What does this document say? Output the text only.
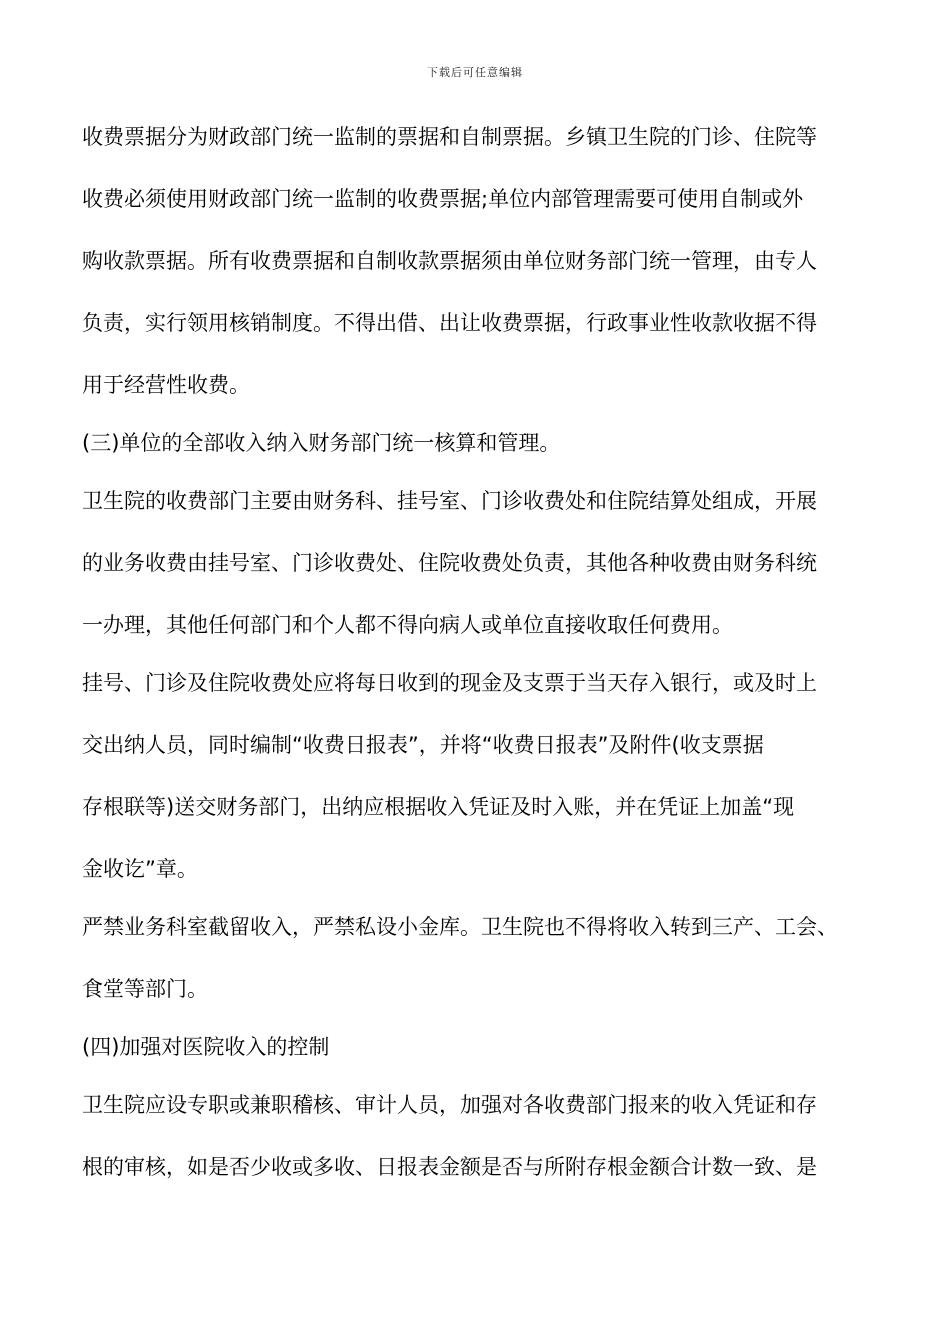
下载后可任意编辑
收费票据分为财政部门统一监制的票据和自制票据。乡镇卫生院的门诊、住院等
收费必须使用财政部门统一监制的收费票据;单位内部管理需要可使用自制或外
购收款票据。所有收费票据和自制收款票据须由单位财务部门统一管理，由专人
负责，实行领用核销制度。不得出借、出让收费票据，行政事业性收款收据不得
用于经营性收费。
(三)单位的全部收入纳入财务部门统一核算和管理。
卫生院的收费部门主要由财务科、挂号室、门诊收费处和住院结算处组成，开展
的业务收费由挂号室、门诊收费处、住院收费处负责，其他各种收费由财务科统
一办理，其他任何部门和个人都不得向病人或单位直接收取任何费用。
挂号、门诊及住院收费处应将每日收到的现金及支票于当天存入银行，或及时上
交出纳人员，同时编制“收费日报表”，并将“收费日报表”及附件(收支票据
存根联等)送交财务部门，出纳应根据收入凭证及时入账，并在凭证上加盖“现
金收讫”章。
严禁业务科室截留收入，严禁私设小金库。卫生院也不得将收入转到三产、工会、
食堂等部门。
(四)加强对医院收入的控制
卫生院应设专职或兼职稽核、审计人员，加强对各收费部门报来的收入凭证和存
根的审核，如是否少收或多收、日报表金额是否与所附存根金额合计数一致、是
